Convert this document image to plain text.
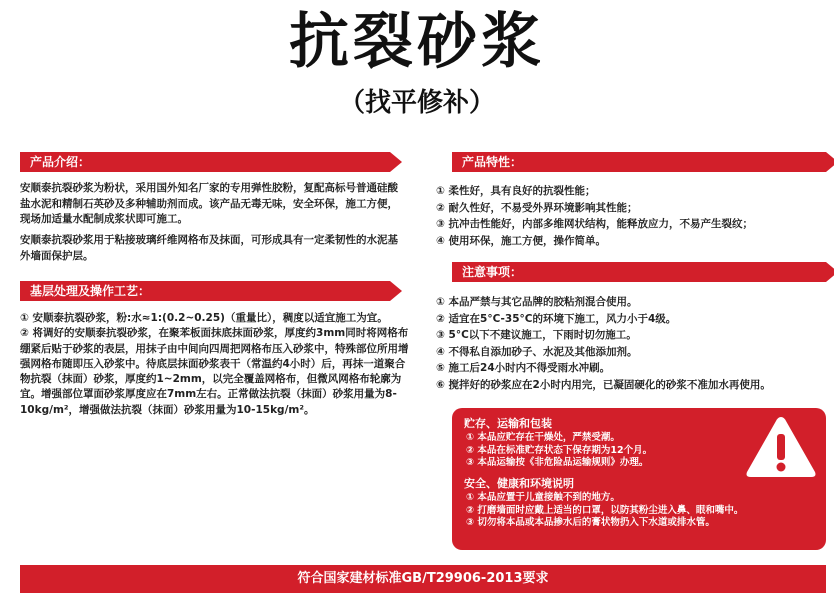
抗裂砂浆
（找平修补）
产品介绍：

安顺泰抗裂砂浆为粉状，采用国外知名厂家的专用弹性胶粉，复配高标号普通硅酸盐水泥和精制石英砂及多种辅助剂而成。该产品无毒无味，安全环保，施工方便，现场加适量水配制成浆状即可施工。

安顺泰抗裂砂浆用于粘接玻璃纤维网格布及抹面，可形成具有一定柔韧性的水泥基外墙面保护层。

基层处理及操作工艺：
① 安顺泰抗裂砂浆，粉:水≈1:(0.2~0.25)（重量比），稠度以适宜施工为宜。
② 将调好的安顺泰抗裂砂浆，在聚苯板面抹底抹面砂浆，厚度约3mm同时将网格布绷紧后贴于砂浆的表层，用抹子由中间向四周把网格布压入砂浆中，特殊部位所用增强网格布随即压入砂浆中。待底层抹面砂浆表干（常温约4小时）后，再抹一道聚合物抗裂（抹面）砂浆，厚度约1~2mm，以完全覆盖网格布，但微风网格布轮廓为宜。增强部位罩面砂浆厚度应在7mm左右。正常做法抗裂（抹面）砂浆用量为8-10kg/m²，增强做法抗裂（抹面）砂浆用量为10-15kg/m²。
产品特性：
① 柔性好，具有良好的抗裂性能；
② 耐久性好，不易受外界环境影响其性能；
③ 抗冲击性能好，内部多维网状结构，能释放应力，不易产生裂纹；
④ 使用环保，施工方便，操作简单。
注意事项：
① 本品严禁与其它品牌的胶粘剂混合使用。
② 适宜在5°C-35°C的环境下施工，风力小于4级。
③ 5°C以下不建议施工，下雨时切勿施工。
④ 不得私自添加砂子、水泥及其他添加剂。
⑤ 施工后24小时内不得受雨水冲刷。
⑥ 搅拌好的砂浆应在2小时内用完，已凝固硬化的砂浆不准加水再使用。
贮存、运输和包装
① 本品应贮存在干燥处，严禁受潮。
② 本品在标准贮存状态下保存期为12个月。
③ 本品运输按《非危险品运输规则》办理。
安全、健康和环境说明
① 本品应置于儿童接触不到的地方。
② 打磨墙面时应戴上适当的口罩，以防其粉尘进入鼻、眼和嘴中。
③ 切勿将本品或本品掺水后的膏状物扔入下水道或排水管。
符合国家建材标准GB/T29906-2013要求
